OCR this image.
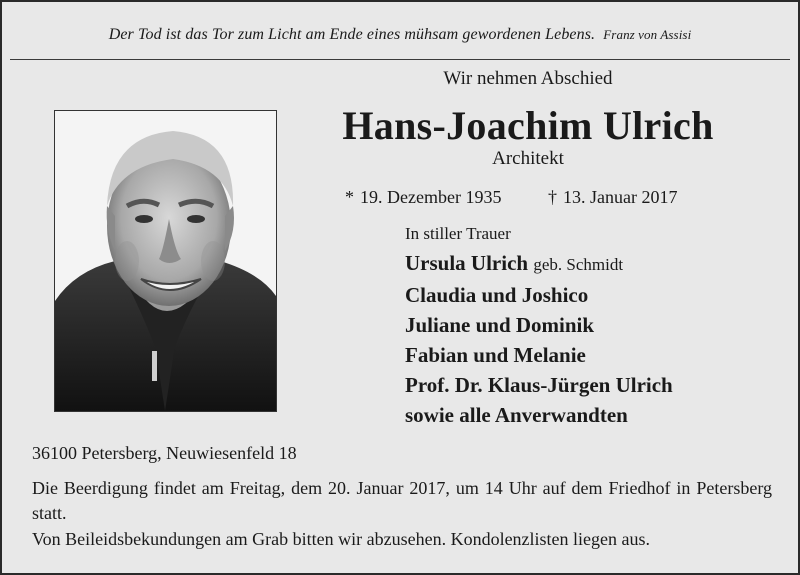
Der Tod ist das Tor zum Licht am Ende eines mühsam gewordenen Lebens. Franz von Assisi
Wir nehmen Abschied
Hans-Joachim Ulrich
Architekt
* 19. Dezember 1935	† 13. Januar 2017
In stiller Trauer
Ursula Ulrich geb. Schmidt
Claudia und Joshico
Juliane und Dominik
Fabian und Melanie
Prof. Dr. Klaus-Jürgen Ulrich
sowie alle Anverwandten
36100 Petersberg, Neuwiesenfeld 18
Die Beerdigung findet am Freitag, dem 20. Januar 2017, um 14 Uhr auf dem Friedhof in Petersberg statt.
Von Beileidsbekundungen am Grab bitten wir abzusehen. Kondolenzlisten liegen aus.
